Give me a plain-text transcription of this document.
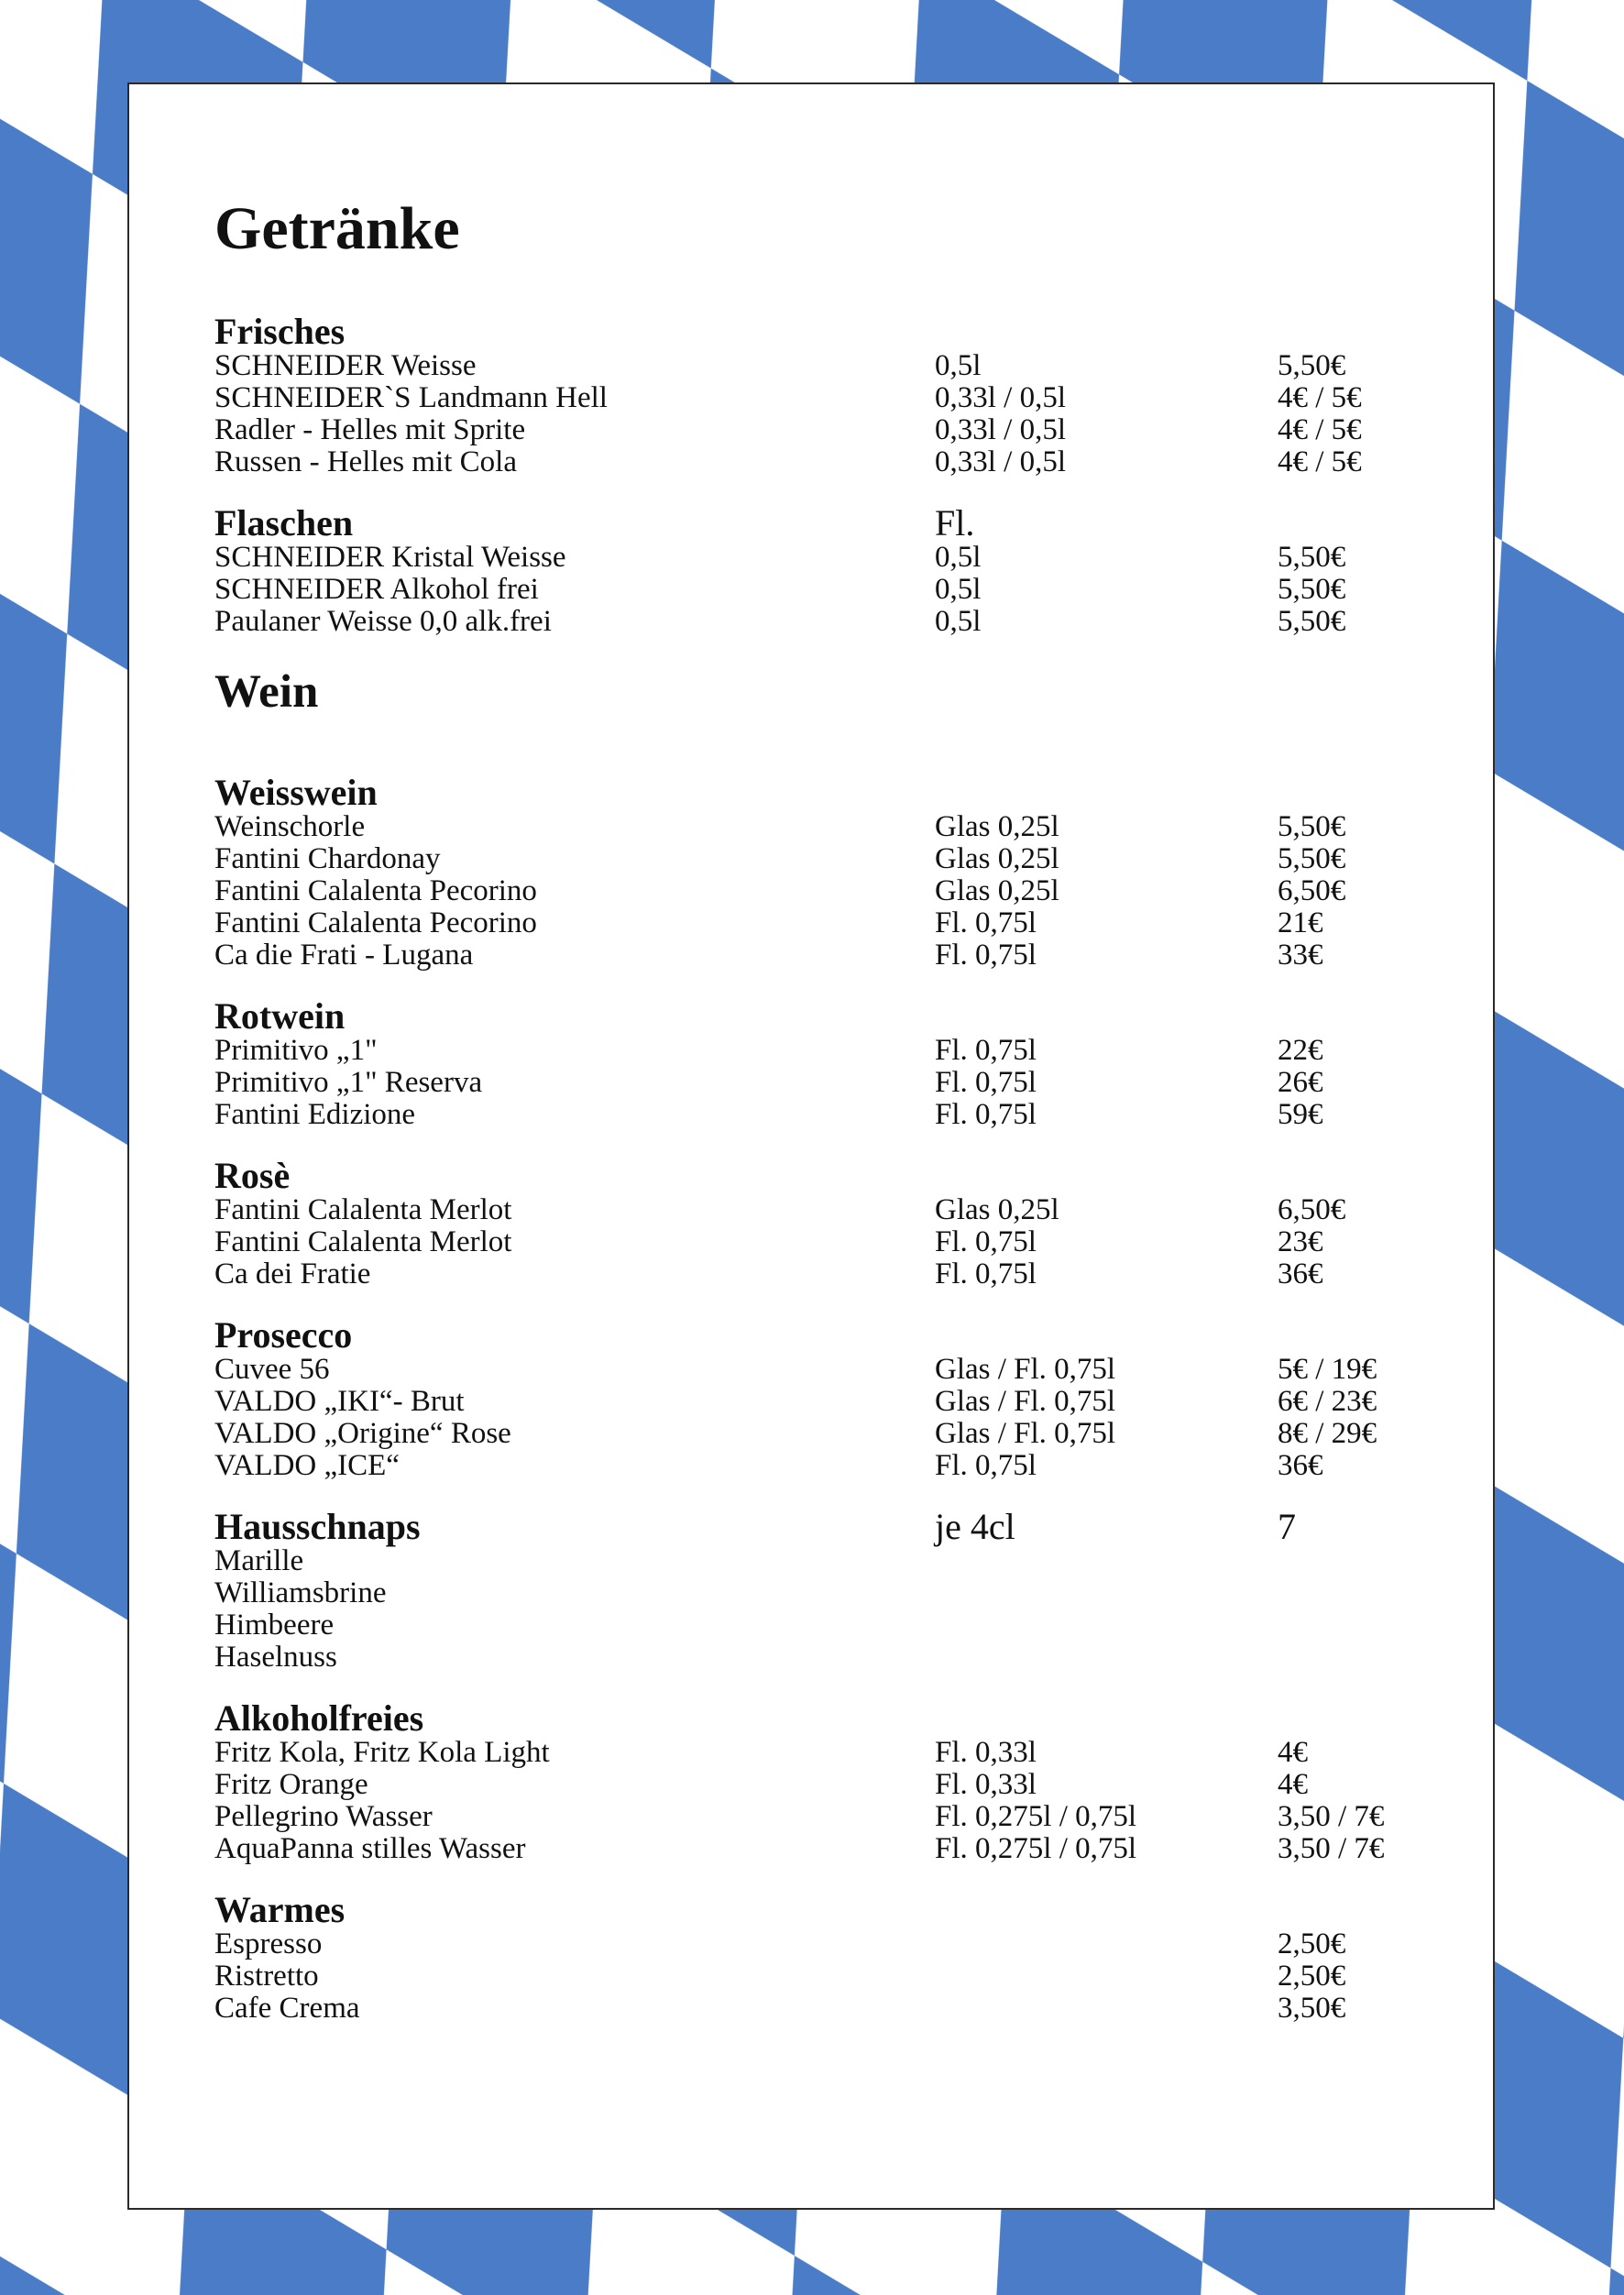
Getränke
Frisches
SCHNEIDER Weisse	0,5l	5,50€
SCHNEIDER`S Landmann Hell	0,33l / 0,5l	4€ / 5€
Radler - Helles mit Sprite	0,33l / 0,5l	4€ / 5€
Russen - Helles mit Cola	0,33l / 0,5l	4€ / 5€
Flaschen	Fl.
SCHNEIDER Kristal Weisse	0,5l	5,50€
SCHNEIDER Alkohol frei	0,5l	5,50€
Paulaner Weisse 0,0 alk.frei	0,5l	5,50€
Wein
Weisswein
Weinschorle	Glas 0,25l	5,50€
Fantini Chardonay	Glas 0,25l	5,50€
Fantini Calalenta Pecorino	Glas 0,25l	6,50€
Fantini Calalenta Pecorino	Fl. 0,75l	21€
Ca die Frati - Lugana	Fl. 0,75l	33€
Rotwein
Primitivo „1"	Fl. 0,75l	22€
Primitivo „1" Reserva	Fl. 0,75l	26€
Fantini Edizione	Fl. 0,75l	59€
Rosè
Fantini Calalenta Merlot	Glas 0,25l	6,50€
Fantini Calalenta Merlot	Fl. 0,75l	23€
Ca dei Fratie	Fl. 0,75l	36€
Prosecco
Cuvee 56	Glas / Fl. 0,75l	5€ / 19€
VALDO „IKI“- Brut	Glas / Fl. 0,75l	6€ / 23€
VALDO „Origine“ Rose	Glas / Fl. 0,75l	8€ / 29€
VALDO „ICE“	Fl. 0,75l	36€
Hausschnaps	je 4cl	7
Marille
Williamsbrine
Himbeere
Haselnuss
Alkoholfreies
Fritz Kola, Fritz Kola Light	Fl. 0,33l	4€
Fritz Orange	Fl. 0,33l	4€
Pellegrino Wasser	Fl. 0,275l / 0,75l	3,50 / 7€
AquaPanna stilles Wasser	Fl. 0,275l / 0,75l	3,50 / 7€
Warmes
Espresso	2,50€
Ristretto	2,50€
Cafe Crema	3,50€
